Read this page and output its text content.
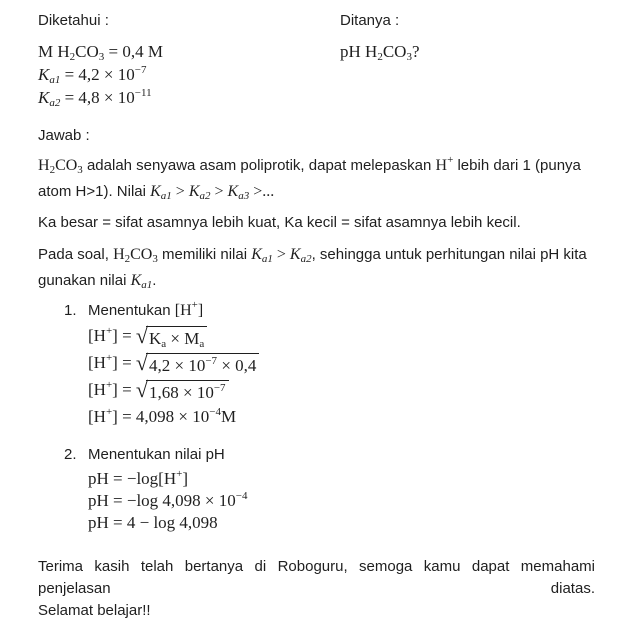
Diketahui :
M $H_2CO_3 = 0,4$ M
$K_{a1} = 4,2 \times 10^{-7}$
$K_{a2} = 4,8 \times 10^{-11}$
Ditanya :
pH $H_2CO_3$?
Jawab :

$H_2CO_3$ adalah senyawa asam poliprotik, dapat melepaskan H+ lebih dari 1 (punya atom H>1). Nilai $K_{a1} > K_{a2} > K_{a3}$ >...

Ka besar = sifat asamnya lebih kuat, Ka kecil = sifat asamnya lebih kecil.

Pada soal, $H_2CO_3$ memiliki nilai $K_{a1} > K_{a2}$, sehingga untuk perhitungan nilai pH kita gunakan nilai $K_{a1}$.

1. Menentukan [H+]
[H+] = √ $K_a \times M_a$
[H+] = √ $4,2 \times 10^{-7} \times 0,4$
[H+] = √ $1,68 \times 10^{-7}$
$[H^+] = 4,098 \times 10^{-4}M$
2. Menentukan nilai pH
pH = −log[H+]
pH = −log $4,098 \times 10^{-4}$
pH = 4 − log 4,098
Terima kasih telah bertanya di Roboguru, semoga kamu dapat memahami penjelasan diatas.
Selamat belajar!!
